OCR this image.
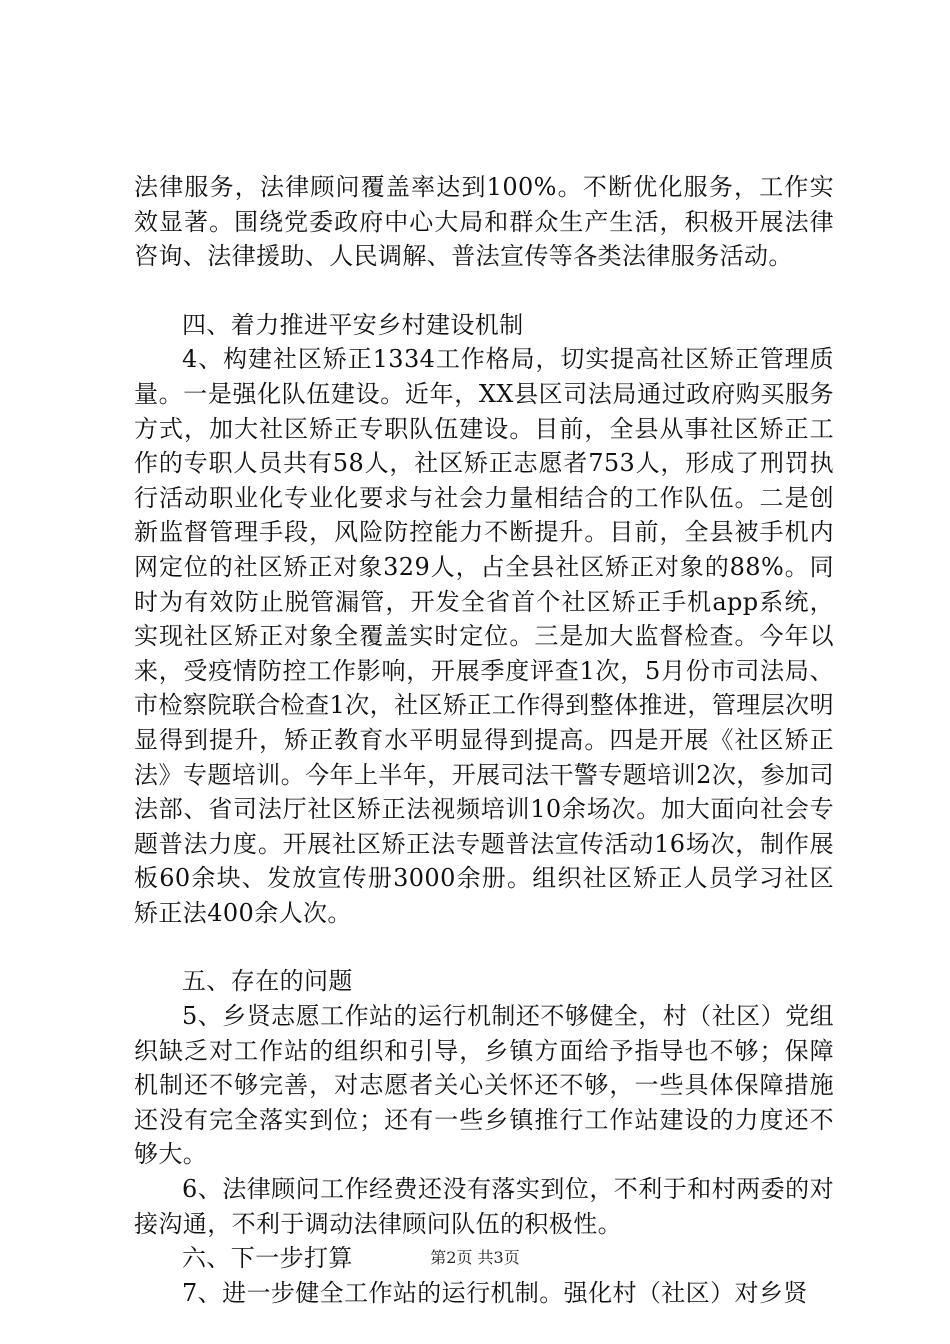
法律服务，法律顾问覆盖率达到100%。不断优化服务，工作实效显著。围绕党委政府中心大局和群众生产生活，积极开展法律咨询、法律援助、人民调解、普法宣传等各类法律服务活动。

四、着力推进平安乡村建设机制

4、构建社区矫正1334工作格局，切实提高社区矫正管理质量。一是强化队伍建设。近年，XX县区司法局通过政府购买服务方式，加大社区矫正专职队伍建设。目前，全县从事社区矫正工作的专职人员共有58人，社区矫正志愿者753人，形成了刑罚执行活动职业化专业化要求与社会力量相结合的工作队伍。二是创新监督管理手段，风险防控能力不断提升。目前，全县被手机内网定位的社区矫正对象329人，占全县社区矫正对象的88%。同时为有效防止脱管漏管，开发全省首个社区矫正手机app系统，实现社区矫正对象全覆盖实时定位。三是加大监督检查。今年以来，受疫情防控工作影响，开展季度评查1次，5月份市司法局、市检察院联合检查1次，社区矫正工作得到整体推进，管理层次明显得到提升，矫正教育水平明显得到提高。四是开展《社区矫正法》专题培训。今年上半年，开展司法干警专题培训2次，参加司法部、省司法厅社区矫正法视频培训10余场次。加大面向社会专题普法力度。开展社区矫正法专题普法宣传活动16场次，制作展板60余块、发放宣传册3000余册。组织社区矫正人员学习社区矫正法400余人次。

五、存在的问题

5、乡贤志愿工作站的运行机制还不够健全，村（社区）党组织缺乏对工作站的组织和引导，乡镇方面给予指导也不够；保障机制还不够完善，对志愿者关心关怀还不够，一些具体保障措施还没有完全落实到位；还有一些乡镇推行工作站建设的力度还不够大。

6、法律顾问工作经费还没有落实到位，不利于和村两委的对接沟通，不利于调动法律顾问队伍的积极性。

六、下一步打算

7、进一步健全工作站的运行机制。强化村（社区）对乡贤

第2页 共3页
